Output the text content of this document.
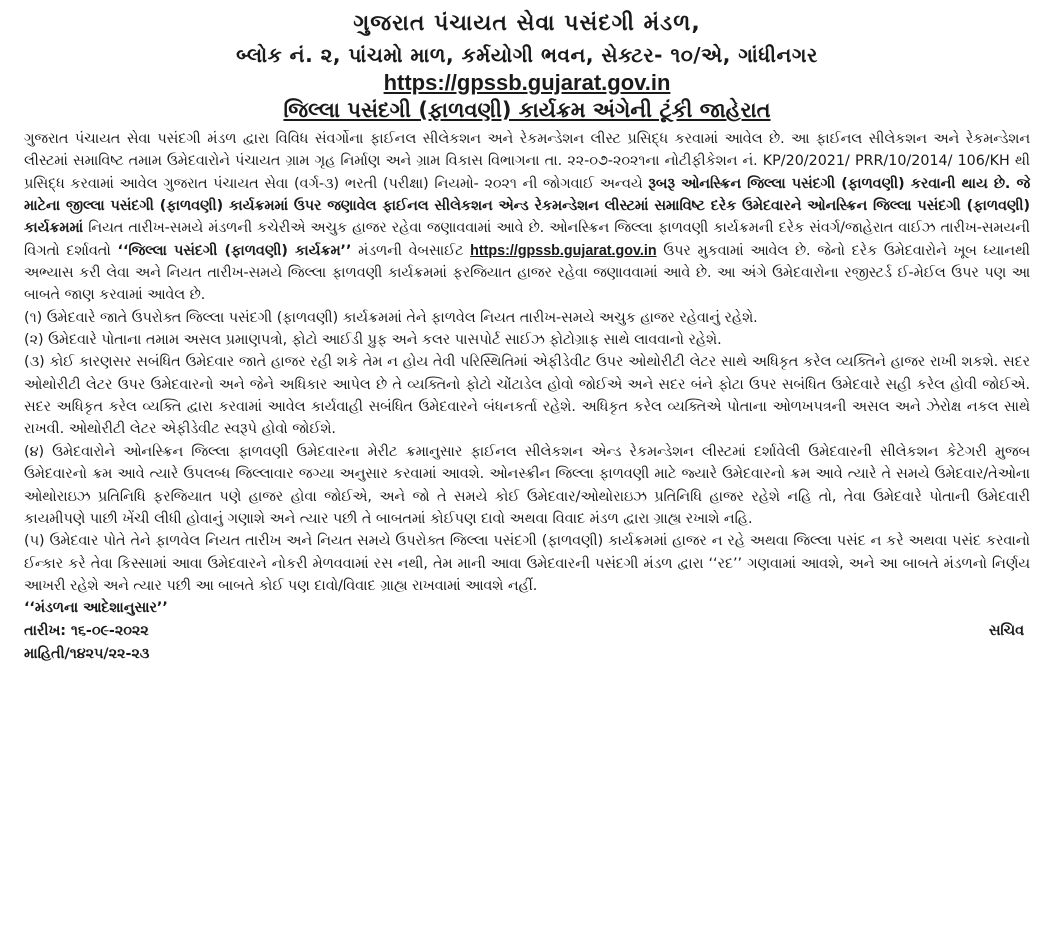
ગુજરાત પંચાયત સેવા પસંદગી મંડળ,
બ્લોક નં. ૨, પાંચમો માળ, કર્મયોગી ભવન, સેક્ટર- ૧૦/એ, ગાંધીનગર
https://gpssb.gujarat.gov.in
જિલ્લા પસંદગી (ફાળવણી) કાર્યક્રમ અંગેની ટૂંકી જાહેરાત

ગુજરાત પંચાયત સેવા પસંદગી મંડળ દ્વારા વિવિધ સંવર્ગોના ફાઈનલ સીલેકશન અને રેકમન્ડેશન લીસ્ટ પ્રસિદ્ધ કરવામાં આવેલ છે. આ ફાઈનલ સીલેકશન અને રેકમન્ડેશન લીસ્ટમાં સમાવિષ્ટ તમામ ઉમેદવારોને પંચાયત ગ્રામ ગૃહ નિર્માણ અને ગ્રામ વિકાસ વિભાગના તા. ૨૨-૦૭-૨૦૨૧ના નોટીફીકેશન નં. KP/20/2021/ PRR/10/2014/ 106/KH થી પ્રસિદ્ધ કરવામાં આવેલ ગુજરાત પંચાયત સેવા (વર્ગ-૩) ભરતી (પરીક્ષા) નિયમો- ૨૦૨૧ ની જોગવાઈ અન્વયે રૂબરૂ ઓનસ્ક્રિન જિલ્લા પસંદગી (ફાળવણી) કરવાની થાય છે. જે માટેના જીલ્લા પસંદગી (ફાળવણી) કાર્યક્રમમાં ઉપર જણાવેલ ફાઈનલ સીલેકશન એન્ડ રેકમન્ડેશન લીસ્ટમાં સમાવિષ્ટ દરેક ઉમેદવારને ઓનસ્ક્રિન જિલ્લા પસંદગી (ફાળવણી) કાર્યક્રમમાં નિયત તારીખ-સમયે મંડળની કચેરીએ અચુક હાજર રહેવા જણાવવામાં આવે છે. ઓનસ્ક્રિન જિલ્લા ફાળવણી કાર્યક્રમની દરેક સંવર્ગ/જાહેરાત વાઈઝ તારીખ-સમયની વિગતો દર્શાવતો ‘‘જિલ્લા પસંદગી (ફાળવણી) કાર્યક્રમ’’ મંડળની વેબસાઈટ https://gpssb.gujarat.gov.in ઉપર મુકવામાં આવેલ છે. જેનો દરેક ઉમેદવારોને ખૂબ ધ્યાનથી અભ્યાસ કરી લેવા અને નિયત તારીખ-સમયે જિલ્લા ફાળવણી કાર્યક્રમમાં ફરજિયાત હાજર રહેવા જણાવવામાં આવે છે. આ અંગે ઉમેદવારોના રજીસ્ટર્ડ ઈ-મેઈલ ઉપર પણ આ બાબતે જાણ કરવામાં આવેલ છે.

(૧) ઉમેદવારે જાતે ઉપરોક્ત જિલ્લા પસંદગી (ફાળવણી) કાર્યક્રમમાં તેને ફાળવેલ નિયત તારીખ-સમયે અચુક હાજર રહેવાનું રહેશે.

(૨) ઉમેદવારે પોતાના તમામ અસલ પ્રમાણપત્રો, ફોટો આઈડી પ્રુફ અને કલર પાસપોર્ટ સાઈઝ ફોટોગ્રાફ સાથે લાવવાનો રહેશે.

(૩) કોઈ કારણસર સબંધિત ઉમેદવાર જાતે હાજર રહી શકે તેમ ન હોય તેવી પરિસ્થિતિમાં એફીડેવીટ ઉપર ઓથોરીટી લેટર સાથે અધિકૃત કરેલ વ્યક્તિને હાજર રાખી શકશે. સદર ઓથોરીટી લેટર ઉપર ઉમેદવારનો અને જેને અધિકાર આપેલ છે તે વ્યક્તિનો ફોટો ચોંટાડેલ હોવો જોઈએ અને સદર બંને ફોટા ઉપર સબંધિત ઉમેદવારે સહી કરેલ હોવી જોઈએ. સદર અધિકૃત કરેલ વ્યક્તિ દ્વારા કરવામાં આવેલ કાર્યવાહી સબંધિત ઉમેદવારને બંધનકર્તા રહેશે. અધિકૃત કરેલ વ્યક્તિએ પોતાના ઓળખપત્રની અસલ અને ઝેરોક્ષ નકલ સાથે રાખવી. ઓથોરીટી લેટર એફીડેવીટ સ્વરૂપે હોવો જોઈશે.

(૪) ઉમેદવારોને ઓનસ્ક્રિન જિલ્લા ફાળવણી ઉમેદવારના મેરીટ ક્રમાનુસાર ફાઈનલ સીલેકશન એન્ડ રેકમન્ડેશન લીસ્ટમાં દર્શાવેલી ઉમેદવારની સીલેકશન કેટેગરી મુજબ ઉમેદવારનો ક્રમ આવે ત્યારે ઉપલબ્ધ જિલ્લાવાર જગ્યા અનુસાર કરવામાં આવશે. ઓનસ્ક્રીન જિલ્લા ફાળવણી માટે જ્યારે ઉમેદવારનો ક્રમ આવે ત્યારે તે સમયે ઉમેદવાર/તેઓના ઓથોરાઇઝ પ્રતિનિધિ ફરજિયાત પણે હાજર હોવા જોઈએ, અને જો તે સમયે કોઈ ઉમેદવાર/ઓથોરાઇઝ પ્રતિનિધિ હાજર રહેશે નહિ તો, તેવા ઉમેદવારે પોતાની ઉમેદવારી કાયમીપણે પાછી ખેંચી લીધી હોવાનું ગણાશે અને ત્યાર પછી તે બાબતમાં કોઈપણ દાવો અથવા વિવાદ મંડળ દ્વારા ગ્રાહ્ય રખાશે નહિ.

(૫) ઉમેદવાર પોતે તેને ફાળવેલ નિયત તારીખ અને નિયત સમયે ઉપરોક્ત જિલ્લા પસંદગી (ફાળવણી) કાર્યક્રમમાં હાજર ન રહે અથવા જિલ્લા પસંદ ન કરે અથવા પસંદ કરવાનો ઈન્કાર કરે તેવા કિસ્સામાં આવા ઉમેદવારને નોકરી મેળવવામાં રસ નથી, તેમ માની આવા ઉમેદવારની પસંદગી મંડળ દ્વારા ‘‘રદ’’ ગણવામાં આવશે, અને આ બાબતે મંડળનો નિર્ણય આખરી રહેશે અને ત્યાર પછી આ બાબતે કોઈ પણ દાવો/વિવાદ ગ્રાહ્ય રાખવામાં આવશે નહીં.

‘‘મંડળના આદેશાનુસાર’’
તારીખ: ૧૬-૦૯-૨૦૨૨
માહિતી/૧૪૨૫/૨૨-૨૩
સચિવ
